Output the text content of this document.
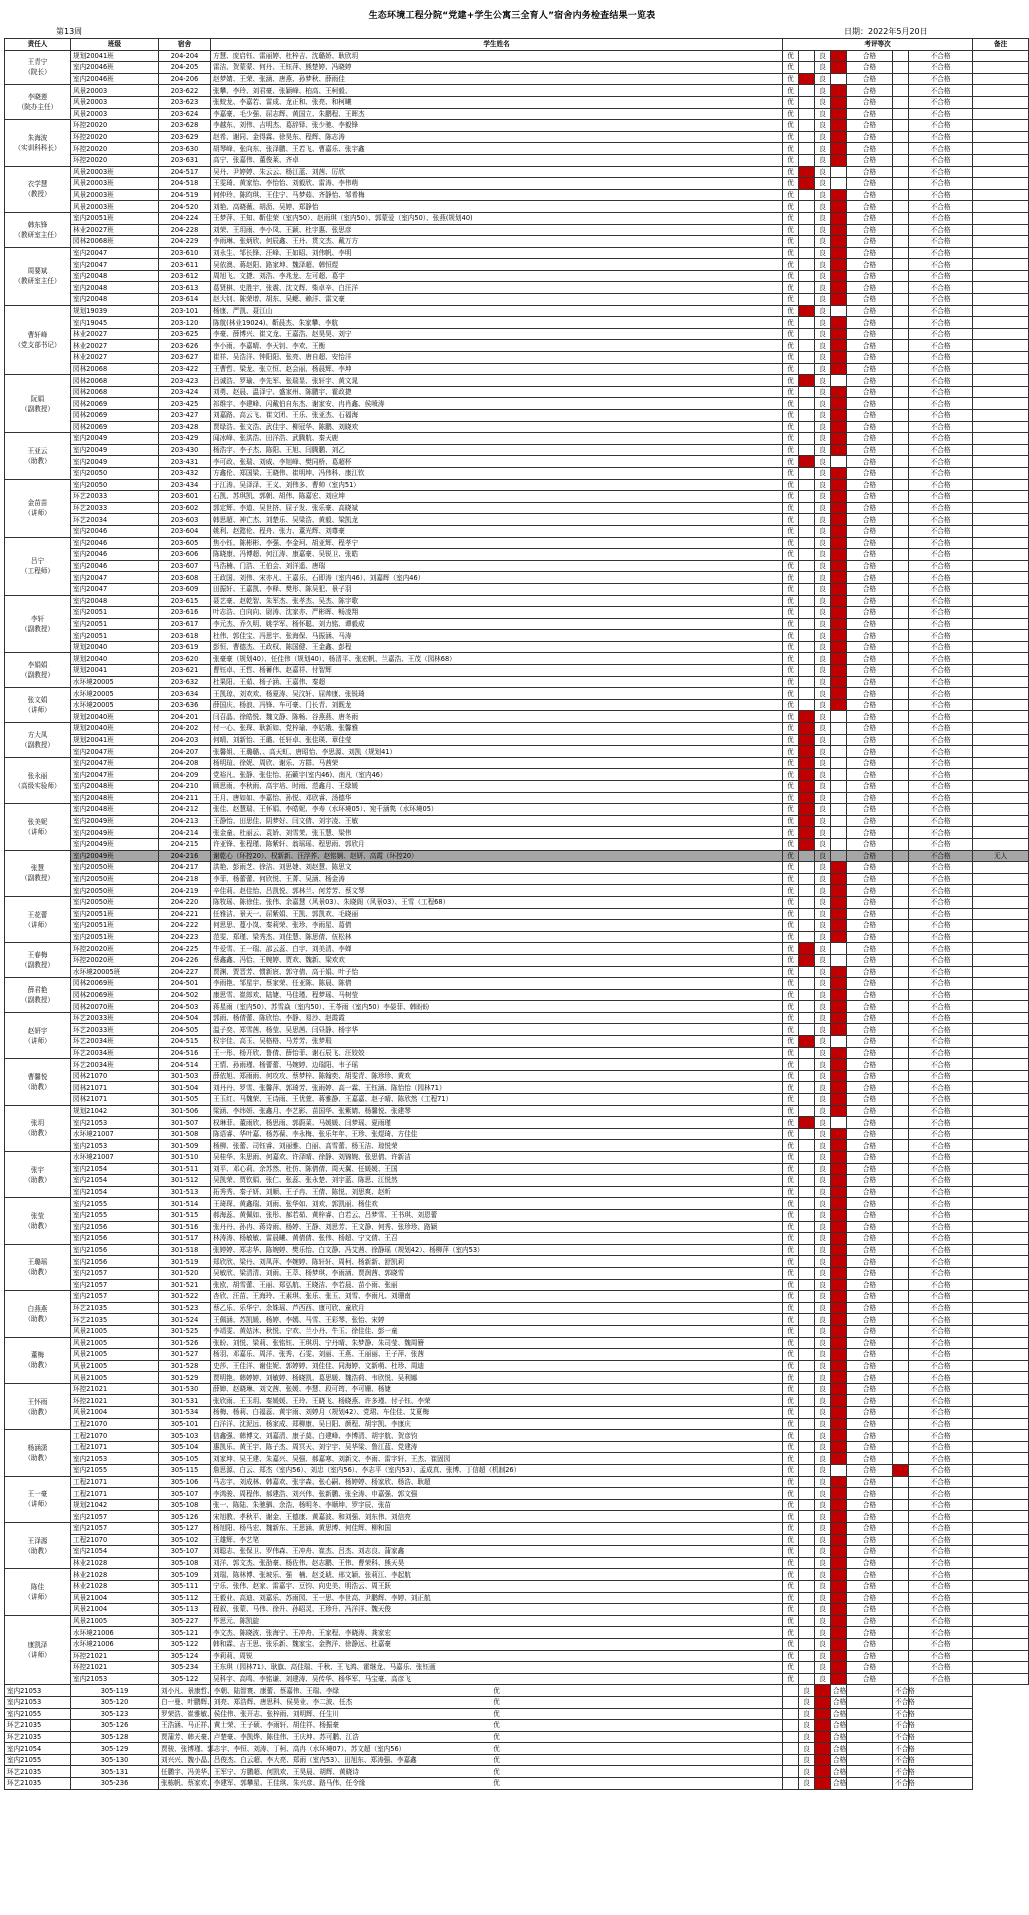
生态环境工程分院“党建+学生公寓三全育人”宿舍内务检查结果一览表
第13周	日期：2022年5月20日
责任人	班级	宿舍	学生姓名	考评等次							备注

王青宁
（院长）	规划20041班	204-204	方慧、庞启钰、雷丽婷、杜梓吉、沈璐娇、耿欣玥	优		良		合格		不合格	
	室内20046班	204-205	雷洁、贺蒙蒙、何丹、王钰萍、熊楚婷、冯晓婷	优		良		合格		不合格	
	室内20046班	204-206	赵梦婧、王荣、张涵、唐燕、孙梦秋、薛雨佳	优		良		合格		不合格	

李晓莲
（院办主任）	风景20003	203-622	张攀、李玲、刘君豪、张颖峰、柏高、王柯毅、	优		良		合格		不合格	
	风景20003	203-623	张蛟龙、李嘉若、雷成、龙正和、张亮、和柯曦	优		良		合格		不合格	
	风景20003	203-624	李嘉豪、毛少强、屈志辉、黄国立、朱鹏程、王晖杰	优		良		合格		不合格	

朱海波
（实训科科长）	环控20020	203-628	李越东、刘伟、吉明杰、葛辞铎、张少驰、李毅锋	优		良		合格		不合格	
	环控20020	203-629	赵希、谢同、金得霖、徐昊东、程辉、陈志涛	优		良		合格		不合格	
	环控20020	203-630	胡琴峰、张向东、张泽鹏、王若飞、曹嘉乐、张宇鑫	优		良		合格		不合格	
	环控20020	203-631	高宁、张嘉伟、董俊莱、齐卓	优		良		合格		不合格	

衣学慧
（教授）	风景20003班	204-517	吴丹、尹婷婷、朱云云、杨江蓝、刘茜、厉欣	优		良		合格		不合格	
	风景20003班	204-518	王雯琦、黄家怡、李怡怡、刘毅欣、雷涛、李伟萌	优		良		合格		不合格	
	风景20003班	204-519	何仲玲、陈昀琪、王佳宁、马梦茹、齐静怡、邹希梅	优		良		合格		不合格	
	风景20003班	204-520	刘艳、高晓薇、胡沥、吴婷、郑静怡	优		良		合格		不合格	

韩东锋
（教研室主任）	室内20051班	204-224	王梦萍、王知、靳佳荣（室内50）、赵雨琪（室内50）、郭蒙爱（室内50）、张燕(规划40)	优		良		合格		不合格	
	林业20027班	204-228	刘荣、王玥雨、李小凤、王颖、杜宇惠、张思彦	优		良		合格		不合格	
	园林20068班	204-229	李雨琳、张炳欣、何辰鑫、王丹、贯文杰、戴万方	优		良		合格		不合格	

周要斌
（教研室主任）	室内20047	203-610	刘永生、邹长锋、汪峰、王如昭、刘伟帆、李明	优		良		合格		不合格	
	室内20047	203-611	吴依澳、蒋赵阳、路家坤、魏泽超、韩恒煜	优		良		合格		不合格	
	室内20048	203-612	周旭飞、文捷、刘浩、李兆龙、左可超、葛宇	优		良		合格		不合格	
	室内20048	203-613	葛贤棋、史胜宇、张震、沈文辉、柴卓辛、白汪洋	优		良		合格		不合格	
	室内20048	203-614	赵大钊、陈荣增、胡东、吴鳃、赖洋、雷文豪	优		良		合格		不合格	

曹轩峰
（党支部书记）	规划19039	203-101	杨康、严凯、聂江山	优		良		合格		不合格	
	室内19045	203-120	陈航(林业19024)、靳晨杰、朱家攀、李航	优		良		合格		不合格	
	林业20027	203-625	李豪、薛博兴、崔文龙、王嘉浩、赵昊昊、刘宁	优		良		合格		不合格	
	林业20027	203-626	李小雨、李嘉晴、李天钊、李欢、王衡	优		良		合格		不合格	
	林业20027	203-627	崔祥、吴浩洋、钟阳阳、张亮、唐自超、安怡洋	优		良		合格		不合格	
	园林20068	203-422	王曹哲、梁龙、张立恒、赵会丽、杨晨辉、李坤	优		良		合格		不合格	

阮娟
（副教授）	园林20068	203-423	吕诚浩、罗瑜、李先军、张瑞显、张轩宇、黄文晁	优		良		合格		不合格	
	园林20068	203-424	刘勇、赵晨、温泽宁、盛家州、陈鹏宇、霍政捷	优		良		合格		不合格	
	园林20069	203-425	祁维宇、李建峰、闪戴伯自东杰、谢家安、冉肖鑫、侯喷涛	优		良		合格		不合格	
	园林20069	203-427	刘嘉路、高云飞、崔文团、王乐、张亚杰、石福海	优		良		合格		不合格	
	园林20069	203-428	贾绿浩、张文浩、武佳宇、柳冠华、陈鹏、刘晓欢	优		良		合格		不合格	

王亚云
（助教）	室内20049	203-429	闻冰峰、张洪浩、田洋浩、武腾航、秦天鹿	优		良		合格		不合格	
	室内20049	203-430	杨浩宇、李子杰、陈阳、王旭、闫腾鹏、刘乙	优		良		合格		不合格	
	室内20049	203-431	李可政、张瑞、刘威、李旭峰、樊同桥、葛超杯	优		良		合格		不合格	
	室内20050	203-432	方鑫伦、郑国梁、王晓伟、崔明坤、冯伟科、康江钦	优		良		合格		不合格	

金苗苗
（讲师）	室内20050	203-434	于江涛、吴泽泽、王义、刘伟多、曹帅（室内51）	优		良		合格		不合格	
	环艺20033	203-601	石凯、苏琪凯、郭朝、胡伟、陈嘉宏、刘应坤	优		良		合格		不合格	
	环艺20033	203-602	郭定辉、李道、吴世挤、屈子发、张乐豪、高晓斌	优		良		合格		不合格	
	环艺20034	203-603	韩思超、神亡杰、刘楚乐、吴梁浩、黄毅、梁凯龙	优		良		合格		不合格	
	室内20046	203-604	姚利、赵懿伦、程舟、张力、董光辉、刘尊豪	优		良		合格		不合格	

吕宁
（工程师）	室内20046	203-605	焦小钰、陈彬彬、李强、李金珂、胡亚辉、程孝宁	优		良		合格		不合格	
	室内20046	203-606	陈晓康、冯博超、何江涛、康嘉豪、吴锐卫、张皓	优		良		合格		不合格	
	室内20046	203-607	马浩楠、门浩、王伯会、刘洋遥、唐瑞	优		良		合格		不合格	
	室内20047	203-608	王政国、刘伟、宋亦凡、王嘉乐、石即涛（室内46）、刘嘉辉（室内46）	优		良		合格		不合格	
	室内20047	203-609	田振轩、王嘉凯、李释、樊彤、陈吴犯、景子羽	优		良		合格		不合格	

李轩
（副教授）	室内20048	203-615	聂艺豪、赵乾智、朱军杰、张孝杰、吴杰、陈宇歌	优		良		合格		不合格	
	室内20051	203-616	叶志浩、白向向、尉涛、沈家亦、严彬晖、畅凌翔	优		良		合格		不合格	
	室内20051	203-617	李元杰、乔久明、姚学军、杨怀聪、刘力铭、谭毅成	优		良		合格		不合格	
	室内20051	203-618	杜伟、郭佳宝、冯思宇、张海保、马振涵、马涛	优		良		合格		不合格	
	规划20040	203-619	彭恒、曹德杰、王政权、陈国健、王金鑫、彭程	优		良		合格		不合格	

李娟娟
（副教授）	规划20040	203-620	张豪豪（规划40）、任佳伟（规划40）、杨清平、张宏帆、兰嘉浩、王茂（园林68）	优		良		合格		不合格	
	规划20041	203-621	曹钰卓、王哲、杨蓄伟、赵嘉祥、付智辉	优		良		合格		不合格	
	水环境20005	203-632	杜果阳、王茹、杨子涵、王嘉伟、秦超	优		良		合格		不合格	

张文娟
（讲师）	水环境20005	203-634	王凯琼、刘欢欢、杨夏涛、吴汶轩、屈帅康、张锐琦	优		良		合格		不合格	
	水环境20005	203-636	薛国庆、杨浪、冯锋、车可豪、门长青、刘既龙	优		良		合格		不合格	
	规划20040班	204-201	闫召晶、徐皓悦、魏文静、陈畅、谷燕燕、唐冬雨	优		良		合格		不合格	

方大凤
（副教授）	规划20040班	204-202	付一心、张琛、耿新如、党梓瑜、李姑娥、张馨雅	优		良		合格		不合格	
	规划20041班	204-203	何晴、刘新怡、王璐、任轩卓、张佳瑛、章佳莹	优		良		合格		不合格	
	室内20047班	204-207	张馨姐、王璐璐、、高天虹、唐昭怡、李思源、刘凯（规划41）	优		良		合格		不合格	

张永丽
（高级实验师）	室内20047班	204-208	杨明瑄、徐妮、周欣、谢乐、方群、马茜荣	优		良		合格		不合格	
	室内20047班	204-209	党裕凡、张静、张佳怡、拓籁宇(室内46)、南凡（室内46）	优		良		合格		不合格	
	室内20048班	204-210	顾思雨、李秋雨、高宇培、时雨、范鑫月、王绿媛	优		良		合格		不合格	
	室内20048班	204-211	王月、唐如如、李嘉怡、孙悦、邓欣睿、汤德华	优		良		合格		不合格	

张美妮
（讲师）	室内20048班	204-212	张佳、赵慧瑞、王怀娟、李皓妮、李寿（水环境05）、宛千涵隽（水环境05）	优		良		合格		不合格	
	室内20049班	204-213	王静怡、田思佳、阴梦好、闫文倩、刘宇凌、王敏	优		良		合格		不合格	
	室内20049班	204-214	张金童、杜丽云、袁娇、刘雪茉、张玉慧、梁伟	优		良		合格		不合格	
	室内20049班	204-215	许亚锋、张程瑾、陈紫轩、翁瑶瑶、程思雨、郭欣月	优		良		合格		不合格	

张慧
（副教授）	室内20049班	204-216	谢乾心（环控20）、权新新、汪浮荞、赵铭娴、赵妍、高霞（环控20）	优		良		合格		不合格	无人
	室内20050班	204-217	洪艳、彭雨芝、徐洁、刘思婕、刘赵慧、陈思文	优		良		合格		不合格	
	室内20050班	204-218	李菲、杨蕾蕾、何欣悦、王菁、吴涵、杨金涛	优		良		合格		不合格	
	室内20050班	204-219	辛佳莉、赵佳怡、吕凯悦、郭林兰、何芳芳、蔡文琴	优		良		合格		不合格	

王花蕾
（讲师）	室内20050班	204-220	陈牧瑶、陈徐佳、张伟、余嘉慧（风景03）、朱晓阁（风景03）、王雪（工程68）	优		良		合格		不合格	
	室内20051班	204-221	任雅洁、景天一、屈紫娟、王凯、郭凯欢、毛晓丽	优		良		合格		不合格	
	室内20051班	204-222	何思思、蔓小岚、秦莉荣、张珍、李雨星、葛倩	优		良		合格		不合格	
	室内20051班	204-223	范雯、郑瑾、梁秀杰、刘佳慧、陈思倩、伍松林	优		良		合格		不合格	

王春梅
（副教授）	环控20020班	204-225	牛爱雪、王一瑞、邵云蕊、白宇、刘美清、李婵	优		良		合格		不合格	
	环控20020班	204-226	蔡鑫鑫、冯恰、王婉婷、贾欢、魏新、梁欢欢	优		良		合格		不合格	
	水环境20005班	204-227	贾渊、贾晋芳、惯新宸、郭守倩、高于娟、叶子怡	优		良		合格		不合格	

薛君艳
（副教授）	园林20069班	204-501	李雨艳、邹星宇、蔡家荣、任亚陈、陈晨、陈倩	优		良		合格		不合格	
	园林20069班	204-502	康思雪、崔郎欢、陆婕、马佳瑾、程梦瑶、马树莹	优		良		合格		不合格	
	园林20070班	204-503	蒋星雨（室内50）、苏雪焱（室内50）、王苓雨（室内50）李晏菲、韩盼盼	优		良		合格		不合格	

赵妍宇
（讲师）	环艺20033班	204-504	郭雨、杨倩蕾、陈欣怡、李静、易沙、赵霞霞	优		良		合格		不合格	
	环艺20033班	204-505	温子奕、郑雪茜、杨莹、吴思茜、闫昼静、杨宇华	优		良		合格		不合格	
	环艺20034班	204-515	权宇佳、高玉、吴格格、马芳芳、张梦瑕	优		良		合格		不合格	
	环艺20034班	204-516	王一彤、杨开欣、鲁倩、薛怡菲、谢石辰飞、汪姣姣	优		良		合格		不合格	

曹馨悦
（助教）	环艺20034班	204-514	王情、孙雨瑾、杨蕾蕾、马婉婷、边瑞阳、韦子瑶	优		良		合格		不合格	
	园林21070	301-503	薛依旭、郑雨雨、何攻攻、蔡梦梓、陈翰奕、胡雯青、陈珍珍、黄欢	优		良		合格		不合格	
	园林21071	301-504	刘丹丹、罗雪、张馨萍、郭琦芳、张雨婷、高一霖、王钰涵、陈怡怡（园林71）	优		良		合格		不合格	
	园林21071	301-505	王玉红、马魏荣、王诗雨、王优萱、蒋雅静、王嘉嘉、赵子晴、陈欣然（工程71）	优		良		合格		不合格	

张玥
（助教）	规划21042	301-506	梁涵、李纬妍、张鑫月、李艺影、苗国华、张紫婧、杨馨悦、张建琴	优		良		合格		不合格	
	室内21053	301-507	权琳菲、董雨欣、杨思雨、郭蔚菜、马媛媛、闫梦瑶、夏雨瑾	优		良		合格		不合格	
	水环境21007	301-508	陈语睿、华叶嘉、杨苏葆、李永梅、张乐年年、王珍、张煜琦、方佳佳	优		良		合格		不合格	
	室内21053	301-509	杨柳、张蕾、司钰睿、刘丽雅、白丽、高雪蕾、杨玉洁、琼悦荣	优		良		合格		不合格	

张宇
（助教）	水环境21007	301-510	吴桂华、朱思雨、何嘉欢、许泽晴、徐静、刘锦婉、张思倩、许新洁	优		良		合格		不合格	
	室内21054	301-511	刘平、邓心莉、余苏然、杜仿、陈倩倩、周天翼、任媛媛、王国	优		良		合格		不合格	
	室内21054	301-512	吴凯荣、贾钦娟、张仁、张蕊、张永楚、刘宇蓝、陈思、江悦然	优		良		合格		不合格	
	室内21054	301-513	拓秀秀、秦子妍、刘顺、王子冉、王倩、陈悦、刘思爽、赵昕	优		良		合格		不合格	

张莹
（助教）	室内21055	301-514	王琦琛、黄鑫瑞、刘雨、张华如、刘欢、郭凯丽、杨佳欢	优		良		合格		不合格	
	室内21055	301-515	郝海蕊、黄佩如、张彤、郝若茹、黄梓睿、白若云、吕梦雪、王书琪、刘恩蕾	优		良		合格		不合格	
	室内21056	301-516	张丹丹、孙冉、蒋诗雨、杨婷、王静、刘思芳、王文静、何秀、张珍珍、路颖	优		良		合格		不合格	
	室内21056	301-517	林涛涛、杨敏敏、雷晨曦、黄倩倩、张伟、杨超、宁文倩、王召	优		良		合格		不合格	

王璐瑶
（助教）	室内21056	301-518	张婷婷、郑志华、陈婉婷、樊乐怡、白文静、冯艾茜、徐静瑶（规划42）、杨柳萍（室内53）	优		良		合格		不合格	
	室内21056	301-519	郑欣欣、梁丹、刘凤萍、李婉婷、陈轩轩、周柯、杨新新、舒凯莉	优		良		合格		不合格	
	室内21057	301-520	吴敏欣、梁清清、刘雨、王萃、杨梦琪、李雨涵、贾润茜、郭晓雪	优		良		合格		不合格	
	室内21057	301-521	张欧、胡雪蕾、王丽、郑弘航、王晓洁、李若晨、苗小雨、张丽	优		良		合格		不合格	

白燕燕
（助教）	室内21057	301-522	杏欣、汪苗、王海玲、王素琪、张乐、张玉、刘雪、李雨凡、刘珊南	优		良		合格		不合格	
	环艺21035	301-523	蔡乙乐、乐华宁、余姝瑶、芦西西、康可欣、童欣月	优		良		合格		不合格	
	环艺21035	301-524	王佩涵、苏凯媛、杨婷、李嫣、马雪、王彩琴、张怡、宋婷	优		良		合格		不合格	
	风景21005	301-525	李靖雯、黄姑沐、秋悦、宁欢、兰小丹、牛玉、徐佳佳、彭一童	优		良		合格		不合格	

董梅
（助教）	风景21005	301-526	张盼、刘悦、梁莉、张铭钰、王琪玥、宁丹晴、朱梦静、朱司莹、魏周簪	优		良		合格		不合格	
	风景21005	301-527	杨羽、邓嘉乐、周洋、张秀、石雯、刘丽、王燕、王丽丽、王子萍、张茜	优		良		合格		不合格	
	风景21005	301-528	史莎、王佳洋、谢佳妮、郭婷婷、刘佳佳、同海婷、文新萌、杜珍、周迪	优		良		合格		不合格	
	风景21005	301-529	贾明艳、韩婷婷、刘敏婷、杨晓凯、葛思媛、魏浩荷、韦欣悦、吴利娜	优		良		合格		不合格	

王怀雨
（助教）	环控21021	301-530	薛婶、赵晓琳、刘文茜、张媛、李慧、段可筠、李可姗、杨婕	优		良		合格		不合格	
	环控21021	301-531	张欣雨、王玉玥、秦媛媛、王玲、王晓飞、杨晓燕、许多瑾、付子钰、李荣	优		良		合格		不合格	
	风景21004	301-534	杨梅、杨莉、白福蕊、黄宇雨、刘婷月（规划42）、党珺、车佳佳、艾夏梅	优		良		合格		不合格	
	工程21070	305-101	白洋洋、沈泥远、杨家成、郑柳康、吴日阳、颜程、胡宇凯、李康庆	优		良		合格		不合格	

杨涵潇
（助教）	工程21070	305-103	信鑫强、韩博文、刘嘉清、康子莫、白建峰、李博清、胡宇航、贺彦钧	优		良		合格		不合格	
	工程21071	305-104	惠凯乐、黄王宇、陈子杰、周冥天、刘宁宇、吴华梁、鲁江蓝、党建涛	优		良		合格		不合格	
	室内21053	305-105	刘家坤、吴王建、朱嘉兴、吴强、郝嘉寒、刘新文、李雨、雷宇轩、王杰、崔固园	优		良		合格		不合格	
	室内21055	305-115	詹思源、白云、郑杰（室内56）、刘忠（室内56）、李志平（室内53）、孟成真、张博、丁信超（机制26）	优		良		合格		不合格	

王一豪
（讲师）	工程21071	305-106	马志宇、刘成林、韩嘉欢、张宇森、张心嗣、杨婷婷、杨家欣、杨浩、耿超	优		良		合格		不合格	
	工程21071	305-107	李鸿骏、周程伟、郝建浩、刘兴伟、张新鹏、张全涛、申嘉强、郭文强	优		良		合格		不合格	
	规划21042	305-108	张一、陈陆、朱驰驷、余浩、杨明冬、李顺坤、罗宇辰、张苗	优		良		合格		不合格	
	室内21057	305-126	宋旭教、孝秋平、谢金、王德康、黄嘉波、和刘强、刘东伟、刘信亮	优		良		合格		不合格	

王泽源
（助教）	室内21057	305-127	杨旭阳、杨马宏、魏新东、王思涵、黄思博、何佳辉、柳和国	优		良		合格		不合格	
	工程21070	305-102	王雄辉、李艺笔	优		良		合格		不合格	
	室内21054	305-107	刘聪志、张保卫、罗伟森、王冲舟、崔杰、吕杰、刘志良、蒲家鑫	优		良		合格		不合格	
	林业21028	305-108	刘洋、郭文杰、张劭豪、杨佐伟、赵志鹏、王伟、曹荣科、熊天昊	优		良		合格		不合格	

陈佳
（讲师）	林业21028	305-109	刘瑞、陈林博、张坡乐、强　楠、赵爻琥、邢文颖、张莉江、李起航	优		良		合格		不合格	
	林业21028	305-111	宁乐、张伟、赵家、雷嘉宇、豆钧、向史美、明浩云、周王跃	优		良		合格		不合格	
	风景21004	305-112	王毅业、高迪、刘嘉乐、苏雨园、王一思、李世高、尹鹏辉、李婷、刘正航	优		良		合格		不合格	
	风景21004	305-113	程叙、张蒙、马伟、徐升、孙昭灵、王珍升、冯洋洋、魏天俊	优		良		合格		不合格	

康凯泽
（讲师）	风景21005	305-227	毕思元、陈凯旋	优		良		合格		不合格	
	水环境21006	305-121	李文杰、陈晓波、张海宁、王冲舟、王家程、李晓涛、龚家宏	优		良		合格		不合格	
	水环境21006	305-122	韩和霖、吉王思、张乐新、魏家宝、金煦洋、徐静远、杜嘉豪	优		良		合格		不合格	
	环控21021	305-124	李莉莉、周锐	优		良		合格		不合格	
	环控21021	305-234	王东琪（园林71）、耿旗、高佳瑞、千秋、王飞鸿、霍继龙、马嘉乐、张钰画	优		良		合格		不合格	
	室内21053	305-122	吴科宇、高鸣、李铭谦、刘建涛、吴传华、杨华军、马宝豪、高彦飞	优		良		合格		不合格	
室内21053	305-119	刘小凡、景康哲、李朝、陆智寰、康蕾、蔡嘉伟、王瑞、李绿	优		良		合格		不合格		
室内21053	305-120	白一曼、叶鹏辉、刘亮、郑浩辉、唐思科、侯昊业、李二波、任杰	优		良		合格		不合格		
室内21055	305-123	罗荣浩、崔雅敏、侯佳伟、张开志、张梓雨、刘明辉、任生川	优		良		合格		不合格		
环艺21035	305-126	王浩涵、马正祥、黄士荣、王子硕、李雨轩、胡佳祥、杨振豪	优		良		合格		不合格		
环艺21035	305-128	贾蒲芳、韩天豪、卢楚豪、李凯烨、陈佳伟、王庆坤、苏可鹏、江浩	优		良		合格		不合格		
室内21054	305-129	贾骏、张博瑾、郭志宇、李恒、刘涛、丁柯、高冉（水环境07）、苏文超（室内56）	优		良		合格		不合格		
室内21055	305-130	刘兴兴、魏小晶、吕俊杰、白云超、李大亮、郑雨（室内53）、田旭东、郑涛强、李嘉鑫	优		良		合格		不合格		
环艺21035	305-131	任鹏宇、冯美华、王军宁、方鹏超、何凯欢、王昊晨、胡辉、黄晓诗	优		良		合格		不合格		
环艺21035	305-236	张栋帆、蔡家欢、李建军、郭攀星、王佳琪、朱兴彦、路马伟、任令缘	优		良		合格		不合格		
